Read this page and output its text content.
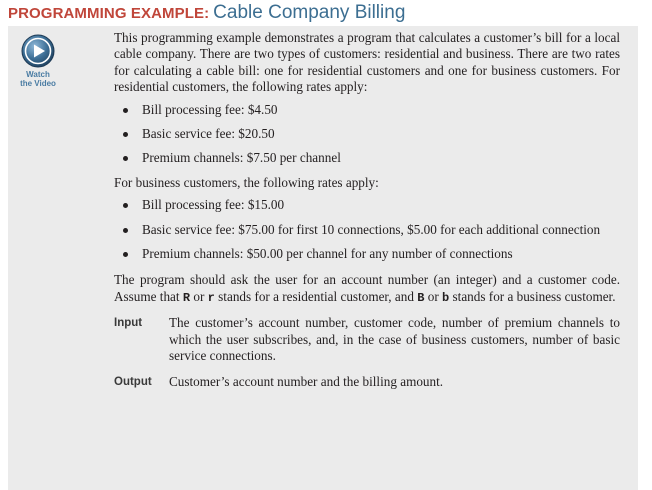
PROGRAMMING EXAMPLE: Cable Company Billing
Watch
the Video

This programming example demonstrates a program that calculates a customer’s bill for a local cable company. There are two types of customers: residential and business. There are two rates for calculating a cable bill: one for residential customers and one for business customers. For residential customers, the following rates apply:

Bill processing fee: $4.50
Basic service fee: $20.50
Premium channels: $7.50 per channel

For business customers, the following rates apply:

Bill processing fee: $15.00
Basic service fee: $75.00 for first 10 connections, $5.00 for each additional connection
Premium channels: $50.00 per channel for any number of connections

The program should ask the user for an account number (an integer) and a customer code. Assume that R or r stands for a residential customer, and B or b stands for a business customer.

Input The customer’s account number, customer code, number of premium channels to which the user subscribes, and, in the case of business customers, number of basic service connections.

Output Customer’s account number and the billing amount.
